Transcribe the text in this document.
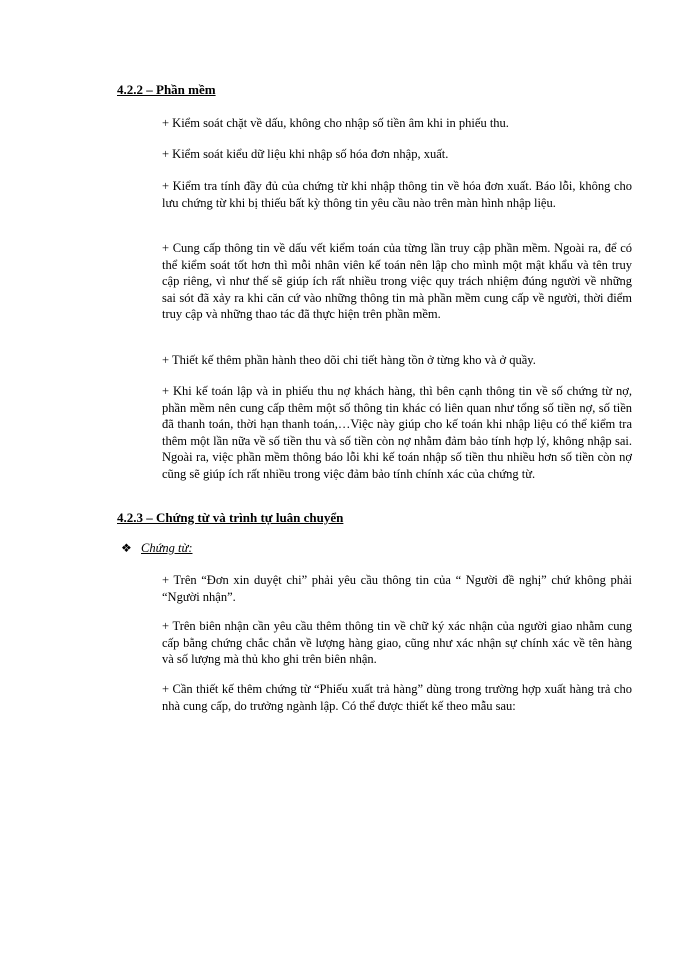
4.2.2 – Phần mềm

+ Kiểm soát chặt về dấu, không cho nhập số tiền âm khi in phiếu thu.

+ Kiểm soát kiểu dữ liệu khi nhập số hóa đơn nhập, xuất.

+ Kiểm tra tính đầy đủ của chứng từ khi nhập thông tin về hóa đơn xuất. Báo lỗi, không cho lưu chứng từ khi bị thiếu bất kỳ thông tin yêu cầu nào trên màn hình nhập liệu.

+ Cung cấp thông tin về dấu vết kiểm toán của từng lần truy cập phần mềm. Ngoài ra, để có thể kiểm soát tốt hơn thì mỗi nhân viên kế toán nên lập cho mình một mật khẩu và tên truy cập riêng, vì như thế sẽ giúp ích rất nhiều trong việc quy trách nhiệm đúng người về những sai sót đã xảy ra khi căn cứ vào những thông tin mà phần mềm cung cấp về người, thời điểm truy cập và những thao tác đã thực hiện trên phần mềm.

+ Thiết kế thêm phần hành theo dõi chi tiết hàng tồn ở từng kho và ở quầy.

+ Khi kế toán lập và in phiếu thu nợ khách hàng, thì bên cạnh thông tin về số chứng từ nợ, phần mềm nên cung cấp thêm một số thông tin khác có liên quan như tổng số tiền nợ, số tiền đã thanh toán, thời hạn thanh toán,…Việc này giúp cho kế toán khi nhập liệu có thể kiểm tra thêm một lần nữa về số tiền thu và số tiền còn nợ nhằm đảm bảo tính hợp lý, không nhập sai. Ngoài ra, việc phần mềm thông báo lỗi khi kế toán nhập số tiền thu nhiều hơn số tiền còn nợ cũng sẽ giúp ích rất nhiều trong việc đảm bảo tính chính xác của chứng từ.

4.2.3 – Chứng từ và trình tự luân chuyển
❖ Chứng từ:

+ Trên “Đơn xin duyệt chi” phải yêu cầu thông tin của “ Người đề nghị” chứ không phải “Người nhận”.

+ Trên biên nhận cần yêu cầu thêm thông tin về chữ ký xác nhận của người giao nhằm cung cấp bằng chứng chắc chắn về lượng hàng giao, cũng như xác nhận sự chính xác về tên hàng và số lượng mà thủ kho ghi trên biên nhận.

+ Cần thiết kế thêm chứng từ “Phiếu xuất trả hàng” dùng trong trường hợp xuất hàng trả cho nhà cung cấp, do trưởng ngành lập. Có thể được thiết kế theo mẫu sau:
